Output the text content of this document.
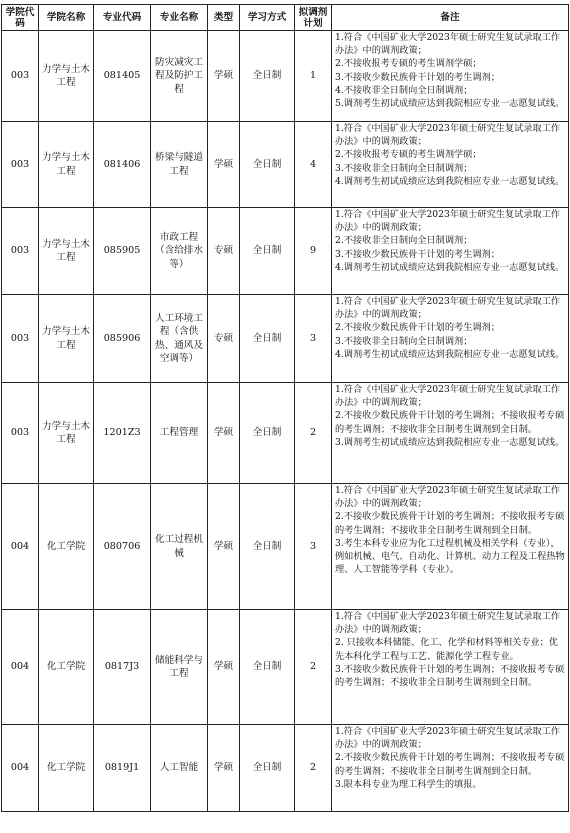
学院代码	学院名称	专业代码	专业名称	类型	学习方式	拟调剂计划	备注
003	力学与土木工程	081405	防灾减灾工程及防护工程	学硕	全日制	1	1.符合《中国矿业大学2023年硕士研究生复试录取工作办法》中的调剂政策；
2.不接收报考专硕的考生调剂学硕；
3.不接收少数民族骨干计划的考生调剂；
4.不接收非全日制向全日制调剂；
5.调剂考生初试成绩应达到我院相应专业一志愿复试线。

003	力学与土木工程	081406	桥梁与隧道工程	学硕	全日制	4	1.符合《中国矿业大学2023年硕士研究生复试录取工作办法》中的调剂政策；
2.不接收报考专硕的考生调剂学硕；
3.不接收非全日制向全日制调剂；
4.调剂考生初试成绩应达到我院相应专业一志愿复试线。

003	力学与土木工程	085905	市政工程（含给排水等）	专硕	全日制	9	1.符合《中国矿业大学2023年硕士研究生复试录取工作办法》中的调剂政策；
2.不接收非全日制向全日制调剂；
3.不接收少数民族骨干计划的考生调剂；
4.调剂考生初试成绩应达到我院相应专业一志愿复试线。

003	力学与土木工程	085906	人工环境工程（含供热、通风及空调等）	专硕	全日制	3	1.符合《中国矿业大学2023年硕士研究生复试录取工作办法》中的调剂政策；
2.不接收少数民族骨干计划的考生调剂；
3.不接收非全日制向全日制调剂；
4.调剂考生初试成绩应达到我院相应专业一志愿复试线。

003	力学与土木工程	1201Z3	工程管理	学硕	全日制	2	1.符合《中国矿业大学2023年硕士研究生复试录取工作办法》中的调剂政策；
2.不接收少数民族骨干计划的考生调剂；不接收报考专硕的考生调剂；不接收非全日制考生调剂到全日制。
3.调剂考生初试成绩应达到我院相应专业一志愿复试线。

004	化工学院	080706	化工过程机械	学硕	全日制	3	1.符合《中国矿业大学2023年硕士研究生复试录取工作办法》中的调剂政策；
2.不接收少数民族骨干计划的考生调剂；不接收报考专硕的考生调剂；不接收非全日制考生调剂到全日制。
3.考生本科专业应为化工过程机械及相关学科（专业），例如机械、电气、自动化、计算机、动力工程及工程热物理、人工智能等学科（专业）。

004	化工学院	0817J3	储能科学与工程	学硕	全日制	2	1.符合《中国矿业大学2023年硕士研究生复试录取工作办法》中的调剂政策；
2. 只接收本科储能、化工、化学和材料等相关专业；优先本科化学工程与工艺、能源化学工程专业。
3.不接收少数民族骨干计划的考生调剂；不接收报考专硕的考生调剂；不接收非全日制考生调剂到全日制。

004	化工学院	0819J1	人工智能	学硕	全日制	2	1.符合《中国矿业大学2023年硕士研究生复试录取工作办法》中的调剂政策；
2.不接收少数民族骨干计划的考生调剂；不接收报考专硕的考生调剂；不接收非全日制考生调剂到全日制。
3.限本科专业为理工科学生的填报。
